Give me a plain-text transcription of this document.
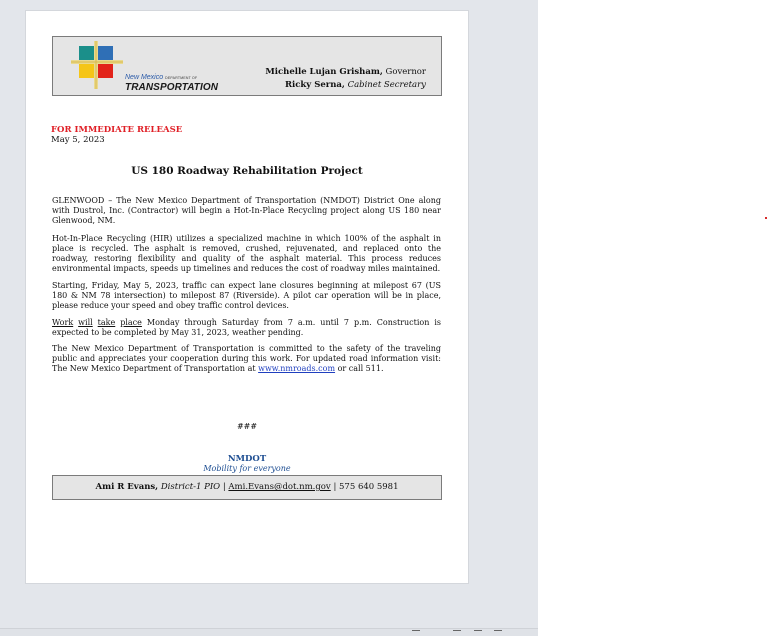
New Mexico DEPARTMENT OF
TRANSPORTATION
Michelle Lujan Grisham, Governor
Ricky Serna, Cabinet Secretary
FOR IMMEDIATE RELEASE
May 5, 2023
US 180 Roadway Rehabilitation Project
GLENWOOD – The New Mexico Department of Transportation (NMDOT) District One along with Dustrol, Inc. (Contractor) will begin a Hot-In-Place Recycling project along US 180 near Glenwood, NM.
Hot-In-Place Recycling (HIR) utilizes a specialized machine in which 100% of the asphalt in place is recycled. The asphalt is removed, crushed, rejuvenated, and replaced onto the roadway, restoring flexibility and quality of the asphalt material. This process reduces environmental impacts, speeds up timelines and reduces the cost of roadway miles maintained.
Starting, Friday, May 5, 2023, traffic can expect lane closures beginning at milepost 67 (US 180 & NM 78 intersection) to milepost 87 (Riverside). A pilot car operation will be in place, please reduce your speed and obey traffic control devices.
Work will take place Monday through Saturday from 7 a.m. until 7 p.m. Construction is expected to be completed by May 31, 2023, weather pending.
The New Mexico Department of Transportation is committed to the safety of the traveling public and appreciates your cooperation during this work. For updated road information visit: The New Mexico Department of Transportation at www.nmroads.com or call 511.
###
NMDOT
Mobility for everyone
Ami R Evans, District-1 PIO | Ami.Evans@dot.nm.gov | 575 640 5981
